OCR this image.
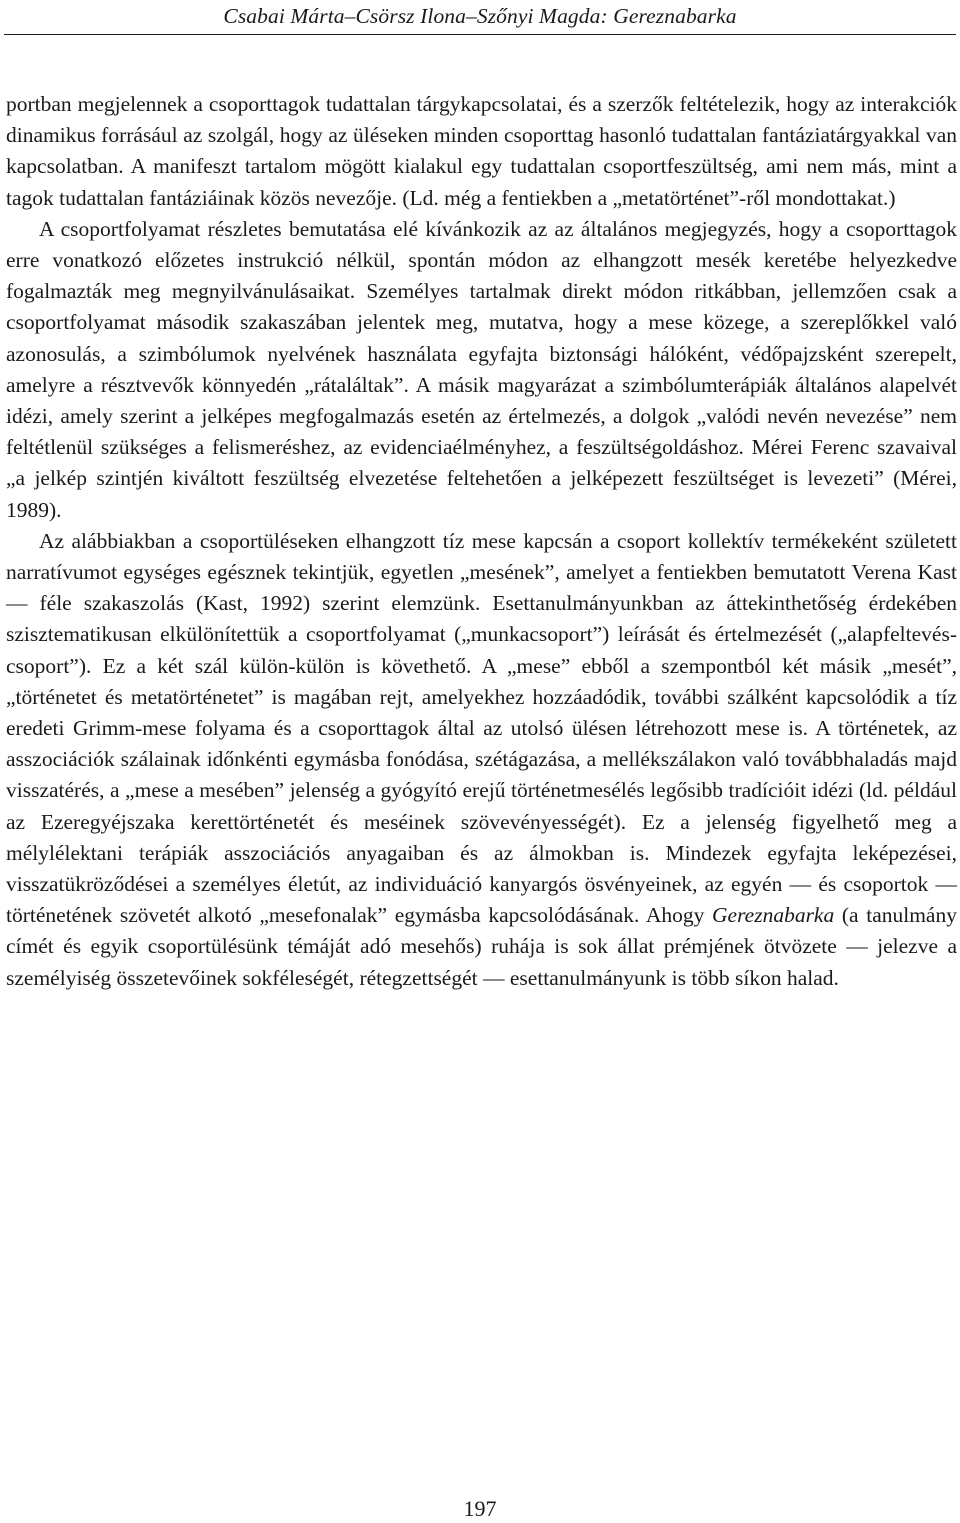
Csabai Márta–Csörsz Ilona–Szőnyi Magda: Gereznabarka

portban megjelennek a csoporttagok tudattalan tárgykapcsolatai, és a szerzők feltételezik, hogy az interakciók dinamikus forrásául az szolgál, hogy az üléseken minden csoporttag hasonló tudattalan fantáziatárgyakkal van kapcsolatban. A manifeszt tartalom mögött kialakul egy tudattalan csoportfeszültség, ami nem más, mint a tagok tudattalan fantáziáinak közös nevezője. (Ld. még a fentiekben a „metatörténet”-ről mondottakat.)

A csoportfolyamat részletes bemutatása elé kívánkozik az az általános megjegyzés, hogy a csoporttagok erre vonatkozó előzetes instrukció nélkül, spontán módon az elhangzott mesék keretébe helyezkedve fogalmazták meg megnyilvánulásaikat. Személyes tartalmak direkt módon ritkábban, jellemzően csak a csoportfolyamat második szakaszában jelentek meg, mutatva, hogy a mese közege, a szereplőkkel való azonosulás, a szimbólumok nyelvének használata egyfajta biztonsági hálóként, védőpajzsként szerepelt, amelyre a résztvevők könnyedén „rátaláltak”. A másik magyarázat a szimbólumterápiák általános alapelvét idézi, amely szerint a jelképes megfogalmazás esetén az értelmezés, a dolgok „valódi nevén nevezése” nem feltétlenül szükséges a felismeréshez, az evidenciaélményhez, a feszültségoldáshoz. Mérei Ferenc szavaival „a jelkép szintjén kiváltott feszültség elvezetése feltehetően a jelképezett feszültséget is levezeti” (Mérei, 1989).

Az alábbiakban a csoportüléseken elhangzott tíz mese kapcsán a csoport kollektív termékeként született narratívumot egységes egésznek tekintjük, egyetlen „mesének”, amelyet a fentiekben bemutatott Verena Kast — féle szakaszolás (Kast, 1992) szerint elemzünk. Esettanulmányunkban az áttekinthetőség érdekében szisztematikusan elkülönítettük a csoportfolyamat („munkacsoport”) leírását és értelmezését („alapfeltevés-csoport”). Ez a két szál külön-külön is követhető. A „mese” ebből a szempontból két másik „mesét”, „történetet és metatörténetet” is magában rejt, amelyekhez hozzáadódik, további szálként kapcsolódik a tíz eredeti Grimm-mese folyama és a csoporttagok által az utolsó ülésen létrehozott mese is. A történetek, az asszociációk szálainak időnkénti egymásba fonódása, szétágazása, a mellékszálakon való továbbhaladás majd visszatérés, a „mese a mesében” jelenség a gyógyító erejű történetmesélés legősibb tradícióit idézi (ld. például az Ezeregyéjszaka kerettörténetét és meséinek szövevényességét). Ez a jelenség figyelhető meg a mélylélektani terápiák asszociációs anyagaiban és az álmokban is. Mindezek egyfajta leképezései, visszatükröződései a személyes életút, az individuáció kanyargós ösvényeinek, az egyén — és csoportok — történetének szövetét alkotó „mesefonalak” egymásba kapcsolódásának. Ahogy Gereznabarka (a tanulmány címét és egyik csoportülésünk témáját adó mesehős) ruhája is sok állat prémjének ötvözete — jelezve a személyiség összetevőinek sokféleségét, rétegzettségét — esettanulmányunk is több síkon halad.

197
